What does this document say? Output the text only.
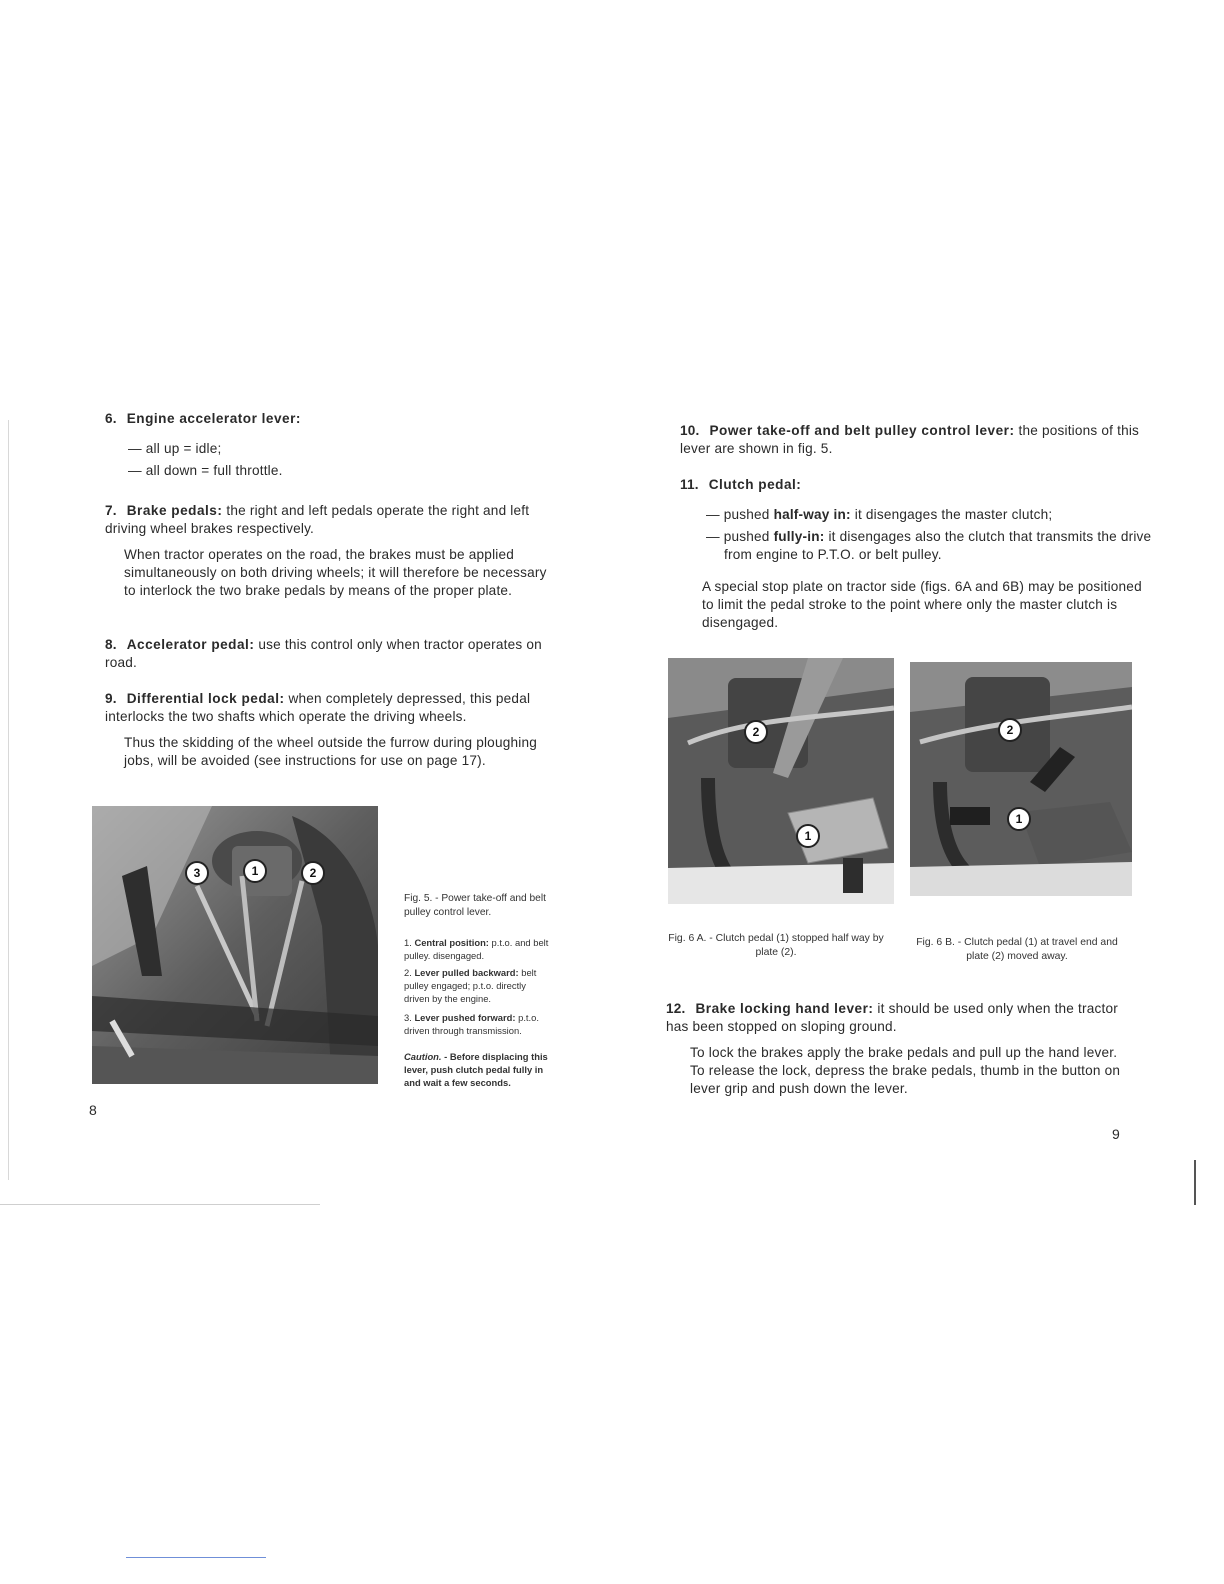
6. Engine accelerator lever:
— all up = idle;
— all down = full throttle.
7. Brake pedals: the right and left pedals operate the right and left driving wheel brakes respectively.
When tractor operates on the road, the brakes must be applied simultaneously on both driving wheels; it will therefore be necessary to interlock the two brake pedals by means of the proper plate.
8. Accelerator pedal: use this control only when tractor operates on road.
9. Differential lock pedal: when completely depressed, this pedal interlocks the two shafts which operate the driving wheels.
Thus the skidding of the wheel outside the furrow during ploughing jobs, will be avoided (see instructions for use on page 17).
3	1	2
Fig. 5. - Power take-off and belt pulley control lever.
1. Central position: p.t.o. and belt pulley. disengaged.
2. Lever pulled backward: belt pulley engaged; p.t.o. directly driven by the engine.
3. Lever pushed forward: p.t.o. driven through transmission.
Caution. - Before displacing this lever, push clutch pedal fully in and wait a few seconds.
8
10. Power take-off and belt pulley control lever: the positions of this lever are shown in fig. 5.
11. Clutch pedal:
— pushed half-way in: it disengages the master clutch;
— pushed fully-in: it disengages also the clutch that transmits the drive from engine to P.T.O. or belt pulley.
A special stop plate on tractor side (figs. 6A and 6B) may be positioned to limit the pedal stroke to the point where only the master clutch is disengaged.
2
1
Fig. 6 A. - Clutch pedal (1) stopped half way by plate (2).
2
1
Fig. 6 B. - Clutch pedal (1) at travel end and plate (2) moved away.
12. Brake locking hand lever: it should be used only when the tractor has been stopped on sloping ground.
To lock the brakes apply the brake pedals and pull up the hand lever. To release the lock, depress the brake pedals, thumb in the button on lever grip and push down the lever.
9
